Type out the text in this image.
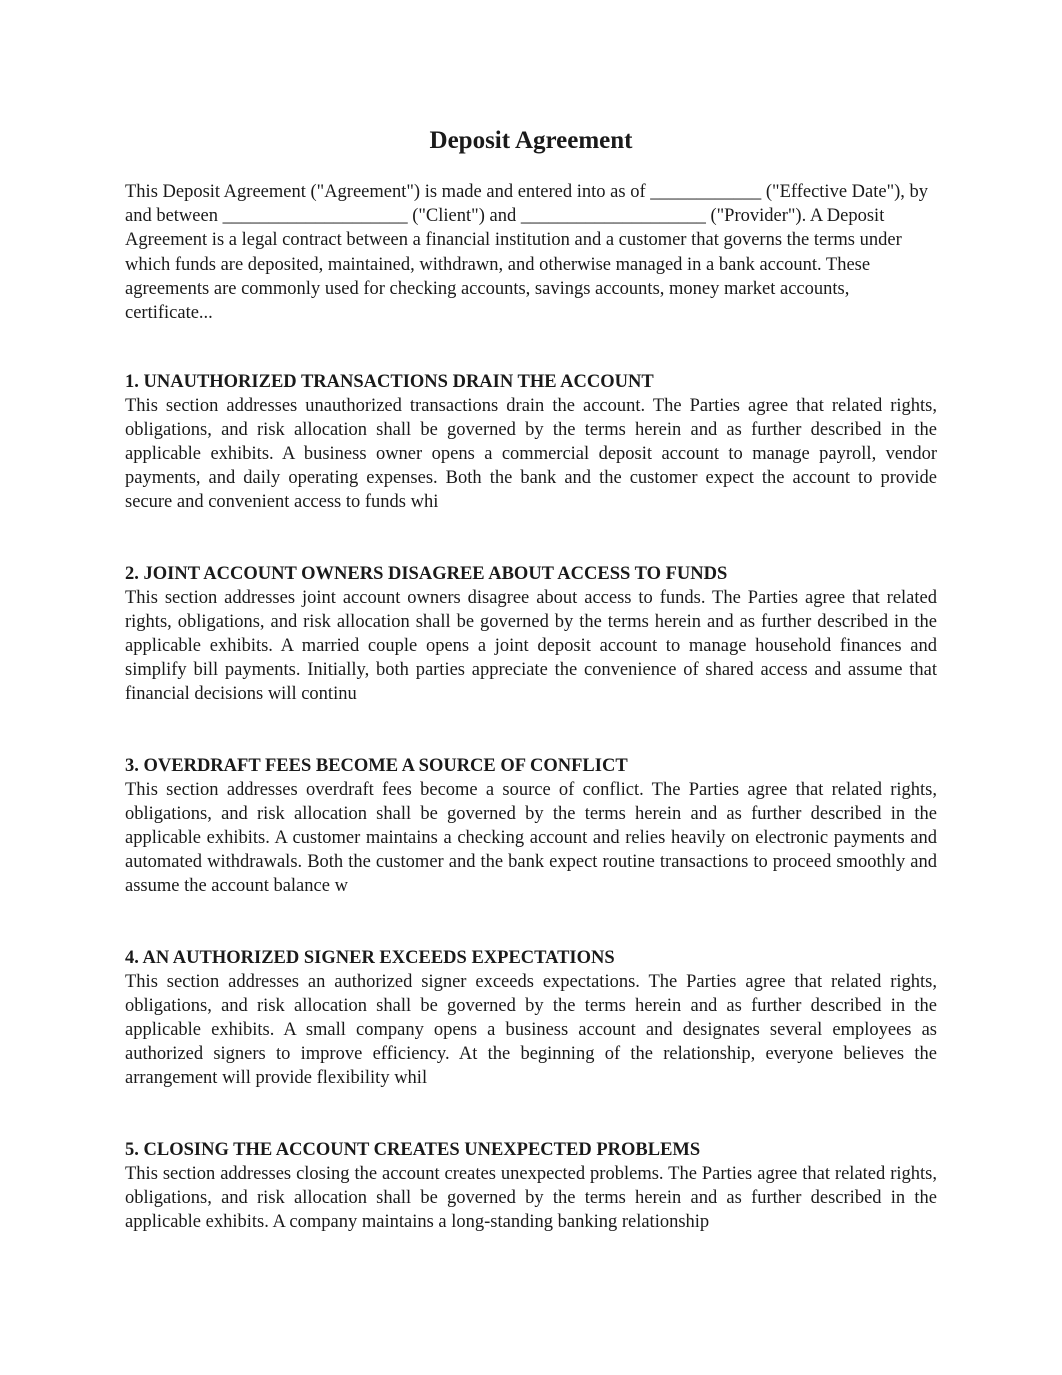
Deposit Agreement

This Deposit Agreement ("Agreement") is made and entered into as of ____________ ("Effective Date"), by and between ____________________ ("Client") and ____________________ ("Provider"). A Deposit Agreement is a legal contract between a financial institution and a customer that governs the terms under which funds are deposited, maintained, withdrawn, and otherwise managed in a bank account. These agreements are commonly used for checking accounts, savings accounts, money market accounts, certificate...

1. UNAUTHORIZED TRANSACTIONS DRAIN THE ACCOUNT

This section addresses unauthorized transactions drain the account. The Parties agree that related rights, obligations, and risk allocation shall be governed by the terms herein and as further described in the applicable exhibits. A business owner opens a commercial deposit account to manage payroll, vendor payments, and daily operating expenses. Both the bank and the customer expect the account to provide secure and convenient access to funds whi

2. JOINT ACCOUNT OWNERS DISAGREE ABOUT ACCESS TO FUNDS

This section addresses joint account owners disagree about access to funds. The Parties agree that related rights, obligations, and risk allocation shall be governed by the terms herein and as further described in the applicable exhibits. A married couple opens a joint deposit account to manage household finances and simplify bill payments. Initially, both parties appreciate the convenience of shared access and assume that financial decisions will continu

3. OVERDRAFT FEES BECOME A SOURCE OF CONFLICT

This section addresses overdraft fees become a source of conflict. The Parties agree that related rights, obligations, and risk allocation shall be governed by the terms herein and as further described in the applicable exhibits. A customer maintains a checking account and relies heavily on electronic payments and automated withdrawals. Both the customer and the bank expect routine transactions to proceed smoothly and assume the account balance w

4. AN AUTHORIZED SIGNER EXCEEDS EXPECTATIONS

This section addresses an authorized signer exceeds expectations. The Parties agree that related rights, obligations, and risk allocation shall be governed by the terms herein and as further described in the applicable exhibits. A small company opens a business account and designates several employees as authorized signers to improve efficiency. At the beginning of the relationship, everyone believes the arrangement will provide flexibility whil

5. CLOSING THE ACCOUNT CREATES UNEXPECTED PROBLEMS

This section addresses closing the account creates unexpected problems. The Parties agree that related rights, obligations, and risk allocation shall be governed by the terms herein and as further described in the applicable exhibits. A company maintains a long-standing banking relationship
